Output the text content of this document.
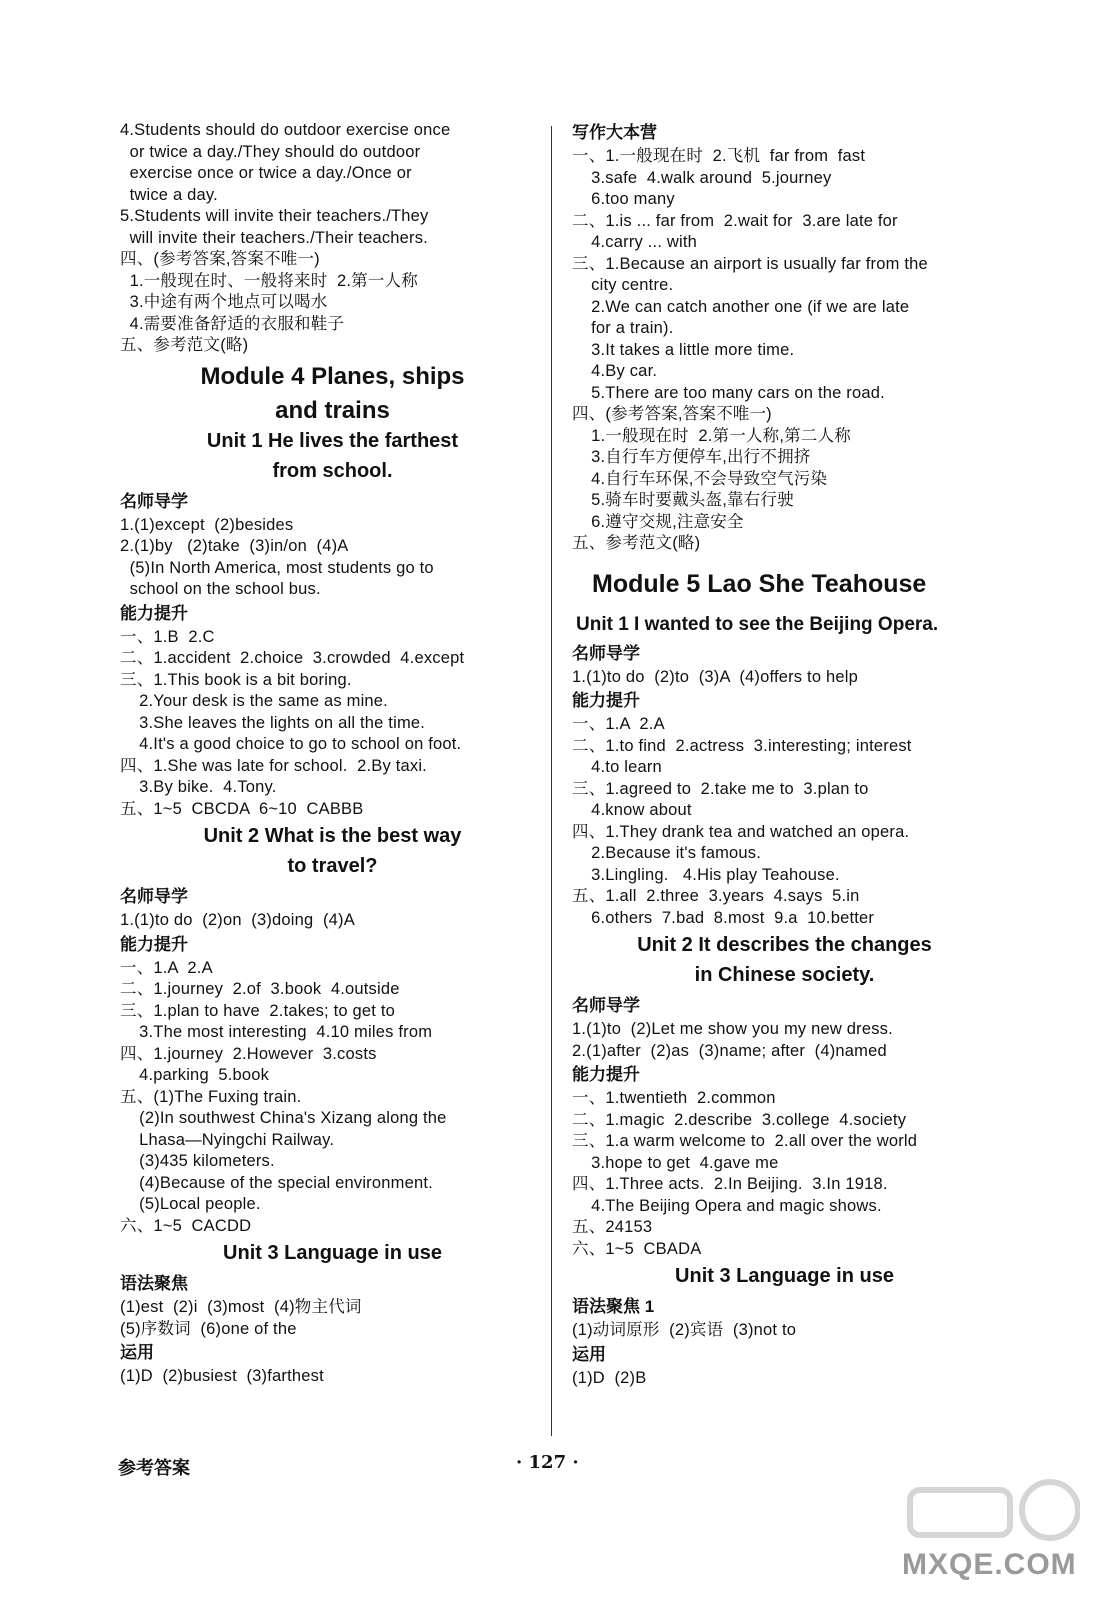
4.Students should do outdoor exercise once
or twice a day./They should do outdoor
exercise once or twice a day./Once or
twice a day.
5.Students will invite their teachers./They
will invite their teachers./Their teachers.
四、(参考答案,答案不唯一)
1.一般现在时、一般将来时  2.第一人称
3.中途有两个地点可以喝水
4.需要准备舒适的衣服和鞋子
五、参考范文(略)
Module 4 Planes, ships
and trains
Unit 1 He lives the farthest
from school.
名师导学
1.(1)except  (2)besides
2.(1)by   (2)take  (3)in/on  (4)A
(5)In North America, most students go to
school on the school bus.
能力提升
一、1.B  2.C
二、1.accident  2.choice  3.crowded  4.except
三、1.This book is a bit boring.
2.Your desk is the same as mine.
3.She leaves the lights on all the time.
4.It's a good choice to go to school on foot.
四、1.She was late for school.  2.By taxi.
3.By bike.  4.Tony.
五、1~5  CBCDA  6~10  CABBB
Unit 2 What is the best way
to travel?
名师导学
1.(1)to do  (2)on  (3)doing  (4)A
能力提升
一、1.A  2.A
二、1.journey  2.of  3.book  4.outside
三、1.plan to have  2.takes; to get to
3.The most interesting  4.10 miles from
四、1.journey  2.However  3.costs
4.parking  5.book
五、(1)The Fuxing train.
(2)In southwest China's Xizang along the
Lhasa—Nyingchi Railway.
(3)435 kilometers.
(4)Because of the special environment.
(5)Local people.
六、1~5  CACDD
Unit 3 Language in use
语法聚焦
(1)est  (2)i  (3)most  (4)物主代词
(5)序数词  (6)one of the
运用
(1)D  (2)busiest  (3)farthest
写作大本营
一、1.一般现在时  2.飞机  far from  fast
3.safe  4.walk around  5.journey
6.too many
二、1.is ... far from  2.wait for  3.are late for
4.carry ... with
三、1.Because an airport is usually far from the
city centre.
2.We can catch another one (if we are late
for a train).
3.It takes a little more time.
4.By car.
5.There are too many cars on the road.
四、(参考答案,答案不唯一)
1.一般现在时  2.第一人称,第二人称
3.自行车方便停车,出行不拥挤
4.自行车环保,不会导致空气污染
5.骑车时要戴头盔,靠右行驶
6.遵守交规,注意安全
五、参考范文(略)
Module 5 Lao She Teahouse
Unit 1 I wanted to see the Beijing Opera.
名师导学
1.(1)to do  (2)to  (3)A  (4)offers to help
能力提升
一、1.A  2.A
二、1.to find  2.actress  3.interesting; interest
4.to learn
三、1.agreed to  2.take me to  3.plan to
4.know about
四、1.They drank tea and watched an opera.
2.Because it's famous.
3.Lingling.   4.His play Teahouse.
五、1.all  2.three  3.years  4.says  5.in
6.others  7.bad  8.most  9.a  10.better
Unit 2 It describes the changes
in Chinese society.
名师导学
1.(1)to  (2)Let me show you my new dress.
2.(1)after  (2)as  (3)name; after  (4)named
能力提升
一、1.twentieth  2.common
二、1.magic  2.describe  3.college  4.society
三、1.a warm welcome to  2.all over the world
3.hope to get  4.gave me
四、1.Three acts.  2.In Beijing.  3.In 1918.
4.The Beijing Opera and magic shows.
五、24153
六、1~5  CBADA
Unit 3 Language in use
语法聚焦 1
(1)动词原形  (2)宾语  (3)not to
运用
(1)D  (2)B
参考答案	· 127 ·
MXQE.COM
